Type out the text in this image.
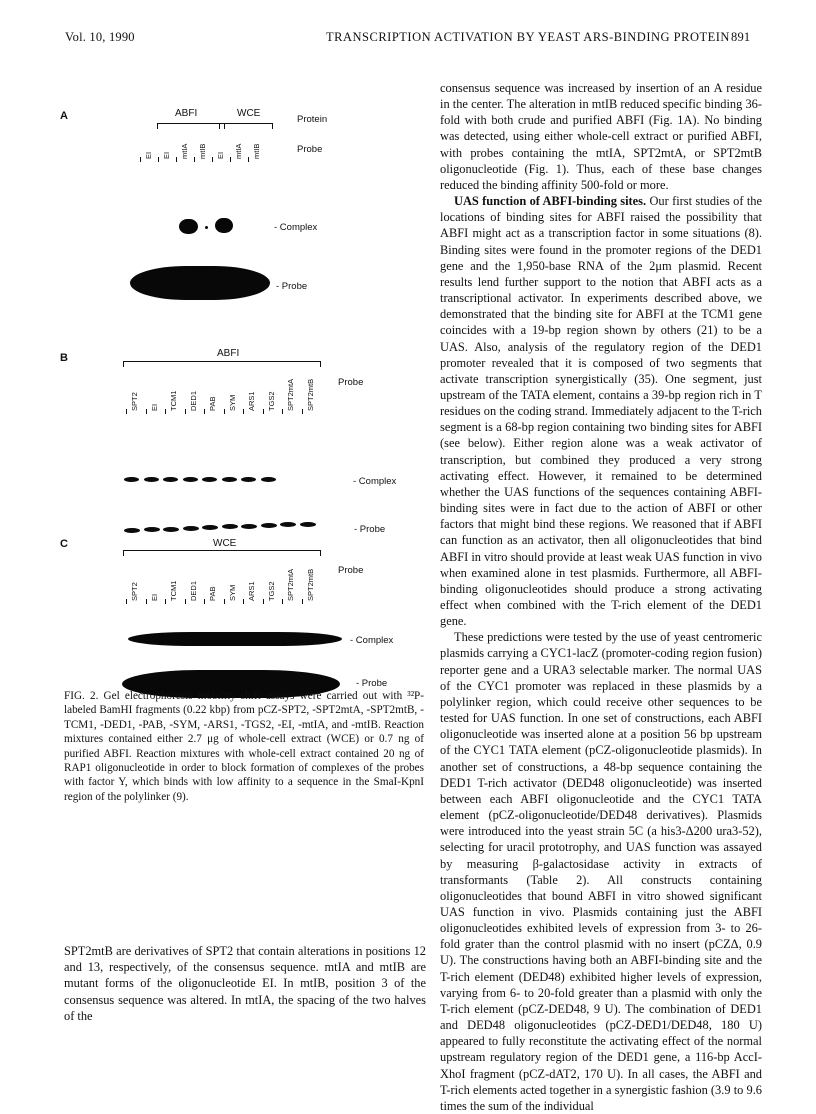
Vol. 10, 1990	TRANSCRIPTION ACTIVATION BY YEAST ARS-BINDING PROTEIN 891
A	ABFI	WCE
Protein
Probe
EI EI mtIA mtIB EI mtIA mtIB
- Complex
- Probe
B	ABFI
Probe
SPT2 EI TCM1 DED1 PAB SYM ARS1 TGS2 SPT2mtA SPT2mtB
- Complex
- Probe
C	WCE
Probe
SPT2 EI TCM1 DED1 PAB SYM ARS1 TGS2 SPT2mtA SPT2mtB
- Complex
- Probe
FIG. 2. Gel electrophoresis mobility shift assays were carried out with ³²P-labeled BamHI fragments (0.22 kbp) from pCZ-SPT2, -SPT2mtA, -SPT2mtB, -TCM1, -DED1, -PAB, -SYM, -ARS1, -TGS2, -EI, -mtIA, and -mtIB. Reaction mixtures contained either 2.7 μg of whole-cell extract (WCE) or 0.7 ng of purified ABFI. Reaction mixtures with whole-cell extract contained 20 ng of RAP1 oligonucleotide in order to block formation of complexes of the probes with factor Y, which binds with low affinity to a sequence in the SmaI-KpnI region of the polylinker (9).

SPT2mtB are derivatives of SPT2 that contain alterations in positions 12 and 13, respectively, of the consensus sequence. mtIA and mtIB are mutant forms of the oligonucleotide EI. In mtIB, position 3 of the consensus sequence was altered. In mtIA, the spacing of the two halves of the

consensus sequence was increased by insertion of an A residue in the center. The alteration in mtIB reduced specific binding 36-fold with both crude and purified ABFI (Fig. 1A). No binding was detected, using either whole-cell extract or purified ABFI, with probes containing the mtIA, SPT2mtA, or SPT2mtB oligonucleotide (Fig. 1). Thus, each of these base changes reduced the binding affinity 500-fold or more.

UAS function of ABFI-binding sites. Our first studies of the locations of binding sites for ABFI raised the possibility that ABFI might act as a transcription factor in some situations (8). Binding sites were found in the promoter regions of the DED1 gene and the 1,950-base RNA of the 2μm plasmid. Recent results lend further support to the notion that ABFI acts as a transcriptional activator. In experiments described above, we demonstrated that the binding site for ABFI at the TCM1 gene coincides with a 19-bp region shown by others (21) to be a UAS. Also, analysis of the regulatory region of the DED1 promoter revealed that it is composed of two segments that activate transcription synergistically (35). One segment, just upstream of the TATA element, contains a 39-bp region rich in T residues on the coding strand. Immediately adjacent to the T-rich segment is a 68-bp region containing two binding sites for ABFI (see below). Either region alone was a weak activator of transcription, but combined they produced a very strong activating effect. However, it remained to be determined whether the UAS functions of the sequences containing ABFI-binding sites were in fact due to the action of ABFI or other factors that might bind these regions. We reasoned that if ABFI can function as an activator, then all oligonucleotides that bind ABFI in vitro should provide at least weak UAS function in vivo when examined alone in test plasmids. Furthermore, all ABFI-binding oligonucleotides should produce a strong activating effect when combined with the T-rich element of the DED1 gene.

These predictions were tested by the use of yeast centromeric plasmids carrying a CYC1-lacZ (promoter-coding region fusion) reporter gene and a URA3 selectable marker. The normal UAS of the CYC1 promoter was replaced in these plasmids by a polylinker region, which could receive other sequences to be tested for UAS function. In one set of constructions, each ABFI oligonucleotide was inserted alone at a position 56 bp upstream of the CYC1 TATA element (pCZ-oligonucleotide plasmids). In another set of constructions, a 48-bp sequence containing the DED1 T-rich activator (DED48 oligonucleotide) was inserted between each ABFI oligonucleotide and the CYC1 TATA element (pCZ-oligonucleotide/DED48 derivatives). Plasmids were introduced into the yeast strain 5C (a his3-Δ200 ura3-52), selecting for uracil prototrophy, and UAS function was assayed by measuring β-galactosidase activity in extracts of transformants (Table 2). All constructs containing oligonucleotides that bound ABFI in vitro showed significant UAS function in vivo. Plasmids containing just the ABFI oligonucleotides exhibited levels of expression from 3- to 26-fold grater than the control plasmid with no insert (pCZΔ, 0.9 U). The constructions having both an ABFI-binding site and the T-rich element (DED48) exhibited higher levels of expression, varying from 6- to 20-fold greater than a plasmid with only the T-rich element (pCZ-DED48, 9 U). The combination of DED1 and DED48 oligonucleotides (pCZ-DED1/DED48, 180 U) appeared to fully reconstitute the activating effect of the normal upstream regulatory region of the DED1 gene, a 116-bp AccI-XhoI fragment (pCZ-dAT2, 170 U). In all cases, the ABFI and T-rich elements acted together in a synergistic fashion (3.9 to 9.6 times the sum of the individual
